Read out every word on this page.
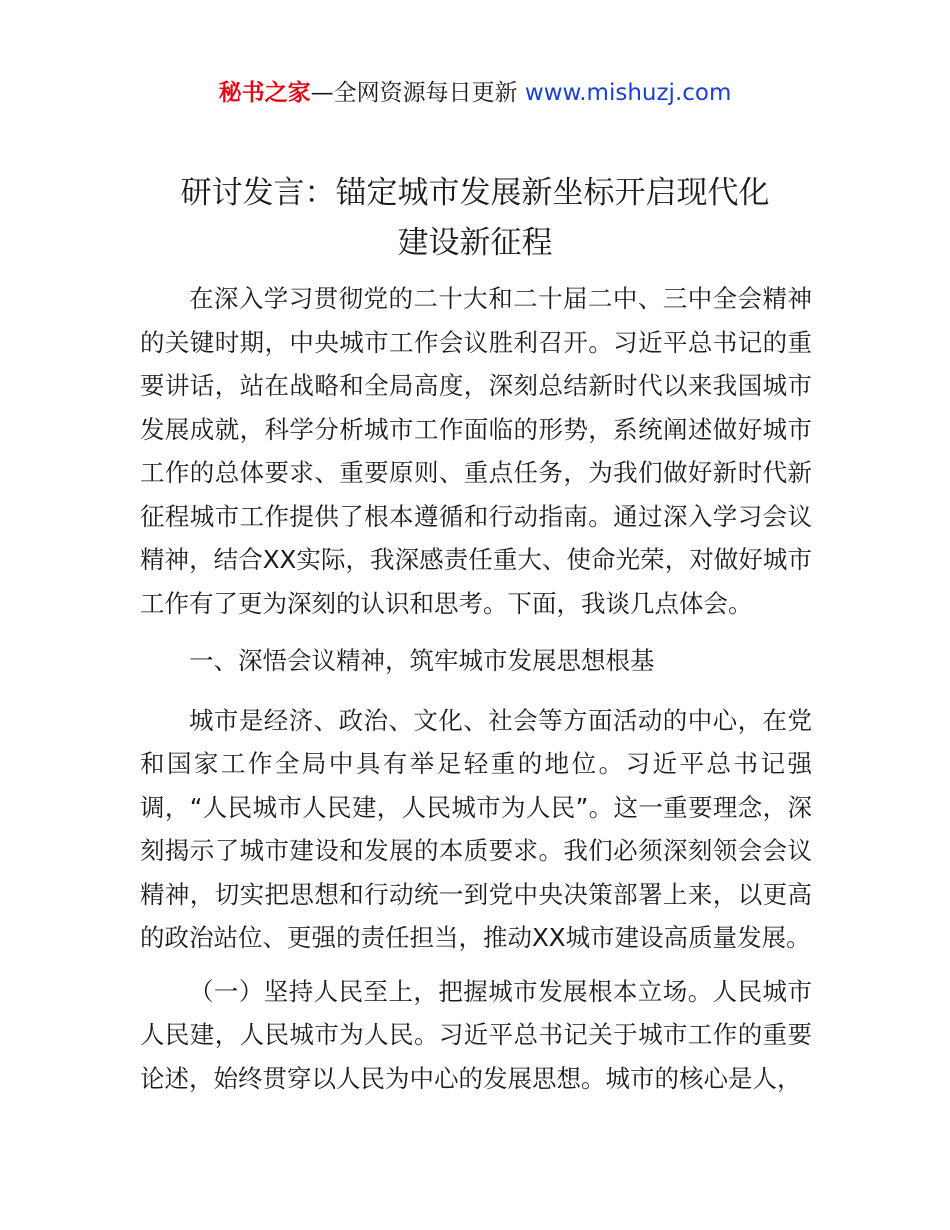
秘书之家—全网资源每日更新 www.mishuzj.com
研讨发言：锚定城市发展新坐标开启现代化
建设新征程

在深入学习贯彻党的二十大和二十届二中、三中全会精神的关键时期，中央城市工作会议胜利召开。习近平总书记的重要讲话，站在战略和全局高度，深刻总结新时代以来我国城市发展成就，科学分析城市工作面临的形势，系统阐述做好城市工作的总体要求、重要原则、重点任务，为我们做好新时代新征程城市工作提供了根本遵循和行动指南。通过深入学习会议精神，结合XX实际，我深感责任重大、使命光荣，对做好城市工作有了更为深刻的认识和思考。下面，我谈几点体会。

一、深悟会议精神，筑牢城市发展思想根基

城市是经济、政治、文化、社会等方面活动的中心，在党和国家工作全局中具有举足轻重的地位。习近平总书记强调，“人民城市人民建，人民城市为人民”。这一重要理念，深刻揭示了城市建设和发展的本质要求。我们必须深刻领会会议精神，切实把思想和行动统一到党中央决策部署上来，以更高的政治站位、更强的责任担当，推动XX城市建设高质量发展。

（一）坚持人民至上，把握城市发展根本立场。人民城市人民建，人民城市为人民。习近平总书记关于城市工作的重要论述，始终贯穿以人民为中心的发展思想。城市的核心是人，
